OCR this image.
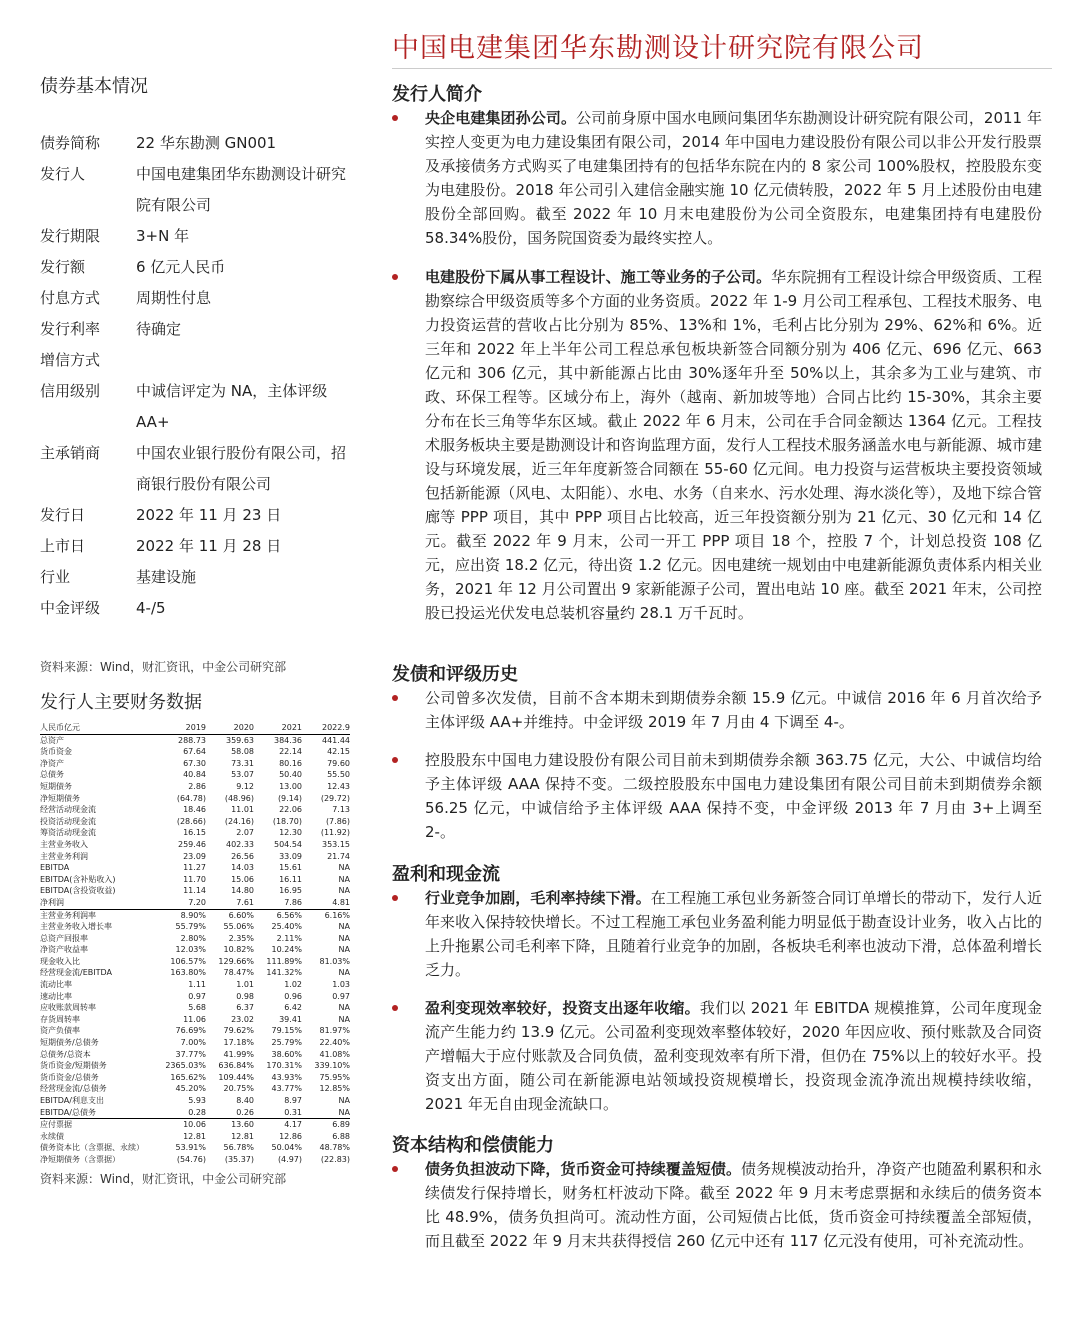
中国电建集团华东勘测设计研究院有限公司
债券基本情况
债券简称	22 华东勘测 GN001
发行人	中国电建集团华东勘测设计研究院有限公司
发行期限	3+N 年
发行额	6 亿元人民币
付息方式	周期性付息
发行利率	待确定
增信方式
信用级别	中诚信评定为 NA，主体评级AA+
主承销商	中国农业银行股份有限公司，招商银行股份有限公司
发行日	2022 年 11 月 23 日
上市日	2022 年 11 月 28 日
行业	基建设施
中金评级	4-/5
资料来源：Wind，财汇资讯，中金公司研究部
发行人主要财务数据
人民币亿元	2019	2020	2021	2022.9
总资产	288.73	359.63	384.36	441.44
货币资金	67.64	58.08	22.14	42.15
净资产	67.30	73.31	80.16	79.60
总债务	40.84	53.07	50.40	55.50
短期债务	2.86	9.12	13.00	12.43
净短期债务	(64.78)	(48.96)	(9.14)	(29.72)
经营活动现金流	18.46	11.01	22.06	7.13
投资活动现金流	(28.66)	(24.16)	(18.70)	(7.86)
筹资活动现金流	16.15	2.07	12.30	(11.92)
主营业务收入	259.46	402.33	504.54	353.15
主营业务利润	23.09	26.56	33.09	21.74
EBITDA	11.27	14.03	15.61	NA
EBITDA(含补贴收入)	11.70	15.06	16.11	NA
EBITDA(含投资收益)	11.14	14.80	16.95	NA
净利润	7.20	7.61	7.86	4.81
主营业务利润率	8.90%	6.60%	6.56%	6.16%
主营业务收入增长率	55.79%	55.06%	25.40%	NA
总资产回报率	2.80%	2.35%	2.11%	NA
净资产收益率	12.03%	10.82%	10.24%	NA
现金收入比	106.57%	129.66%	111.89%	81.03%
经营现金流/EBITDA	163.80%	78.47%	141.32%	NA
流动比率	1.11	1.01	1.02	1.03
速动比率	0.97	0.98	0.96	0.97
应收账款周转率	5.68	6.37	6.42	NA
存货周转率	11.06	23.02	39.41	NA
资产负债率	76.69%	79.62%	79.15%	81.97%
短期债务/总债务	7.00%	17.18%	25.79%	22.40%
总债务/总资本	37.77%	41.99%	38.60%	41.08%
货币资金/短期债务	2365.03%	636.84%	170.31%	339.10%
货币资金/总债务	165.62%	109.44%	43.93%	75.95%
经营现金流/总债务	45.20%	20.75%	43.77%	12.85%
EBITDA/利息支出	5.93	8.40	8.97	NA
EBITDA/总债务	0.28	0.26	0.31	NA
应付票据	10.06	13.60	4.17	6.89
永续债	12.81	12.81	12.86	6.88
债务资本比（含票据、永续）	53.91%	56.78%	50.04%	48.78%
净短期债务（含票据）	(54.76)	(35.37)	(4.97)	(22.83)
资料来源：Wind，财汇资讯，中金公司研究部
发行人简介
央企电建集团孙公司。公司前身原中国水电顾问集团华东勘测设计研究院有限公司，2011 年实控人变更为电力建设集团有限公司，2014 年中国电力建设股份有限公司以非公开发行股票及承接债务方式购买了电建集团持有的包括华东院在内的 8 家公司 100%股权，控股股东变为电建股份。2018 年公司引入建信金融实施 10 亿元债转股，2022 年 5 月上述股份由电建股份全部回购。截至 2022 年 10 月末电建股份为公司全资股东，电建集团持有电建股份 58.34%股份，国务院国资委为最终实控人。
电建股份下属从事工程设计、施工等业务的子公司。华东院拥有工程设计综合甲级资质、工程勘察综合甲级资质等多个方面的业务资质。2022 年 1-9 月公司工程承包、工程技术服务、电力投资运营的营收占比分别为 85%、13%和 1%，毛利占比分别为 29%、62%和 6%。近三年和 2022 年上半年公司工程总承包板块新签合同额分别为 406 亿元、696 亿元、663 亿元和 306 亿元，其中新能源占比由 30%逐年升至 50%以上，其余多为工业与建筑、市政、环保工程等。区域分布上，海外（越南、新加坡等地）合同占比约 15-30%，其余主要分布在长三角等华东区域。截止 2022 年 6 月末，公司在手合同金额达 1364 亿元。工程技术服务板块主要是勘测设计和咨询监理方面，发行人工程技术服务涵盖水电与新能源、城市建设与环境发展，近三年年度新签合同额在 55-60 亿元间。电力投资与运营板块主要投资领域包括新能源（风电、太阳能）、水电、水务（自来水、污水处理、海水淡化等），及地下综合管廊等 PPP 项目，其中 PPP 项目占比较高，近三年投资额分别为 21 亿元、30 亿元和 14 亿元。截至 2022 年 9 月末，公司一开工 PPP 项目 18 个，控股 7 个，计划总投资 108 亿元，应出资 18.2 亿元，待出资 1.2 亿元。因电建统一规划由中电建新能源负责体系内相关业务，2021 年 12 月公司置出 9 家新能源子公司，置出电站 10 座。截至 2021 年末，公司控股已投运光伏发电总装机容量约 28.1 万千瓦时。
发债和评级历史
公司曾多次发债，目前不含本期未到期债券余额 15.9 亿元。中诚信 2016 年 6 月首次给予主体评级 AA+并维持。中金评级 2019 年 7 月由 4 下调至 4-。
控股股东中国电力建设股份有限公司目前未到期债券余额 363.75 亿元，大公、中诚信均给予主体评级 AAA 保持不变。二级控股股东中国电力建设集团有限公司目前未到期债券余额 56.25 亿元，中诚信给予主体评级 AAA 保持不变，中金评级 2013 年 7 月由 3+上调至 2-。
盈利和现金流
行业竞争加剧，毛利率持续下滑。在工程施工承包业务新签合同订单增长的带动下，发行人近年来收入保持较快增长。不过工程施工承包业务盈利能力明显低于勘查设计业务，收入占比的上升拖累公司毛利率下降，且随着行业竞争的加剧，各板块毛利率也波动下滑，总体盈利增长乏力。
盈利变现效率较好，投资支出逐年收缩。我们以 2021 年 EBITDA 规模推算，公司年度现金流产生能力约 13.9 亿元。公司盈利变现效率整体较好，2020 年因应收、预付账款及合同资产增幅大于应付账款及合同负债，盈利变现效率有所下滑，但仍在 75%以上的较好水平。投资支出方面，随公司在新能源电站领域投资规模增长，投资现金流净流出规模持续收缩，2021 年无自由现金流缺口。
资本结构和偿债能力
债务负担波动下降，货币资金可持续覆盖短债。债务规模波动抬升，净资产也随盈利累积和永续债发行保持增长，财务杠杆波动下降。截至 2022 年 9 月末考虑票据和永续后的债务资本比 48.9%，债务负担尚可。流动性方面，公司短债占比低，货币资金可持续覆盖全部短债，而且截至 2022 年 9 月末共获得授信 260 亿元中还有 117 亿元没有使用，可补充流动性。
